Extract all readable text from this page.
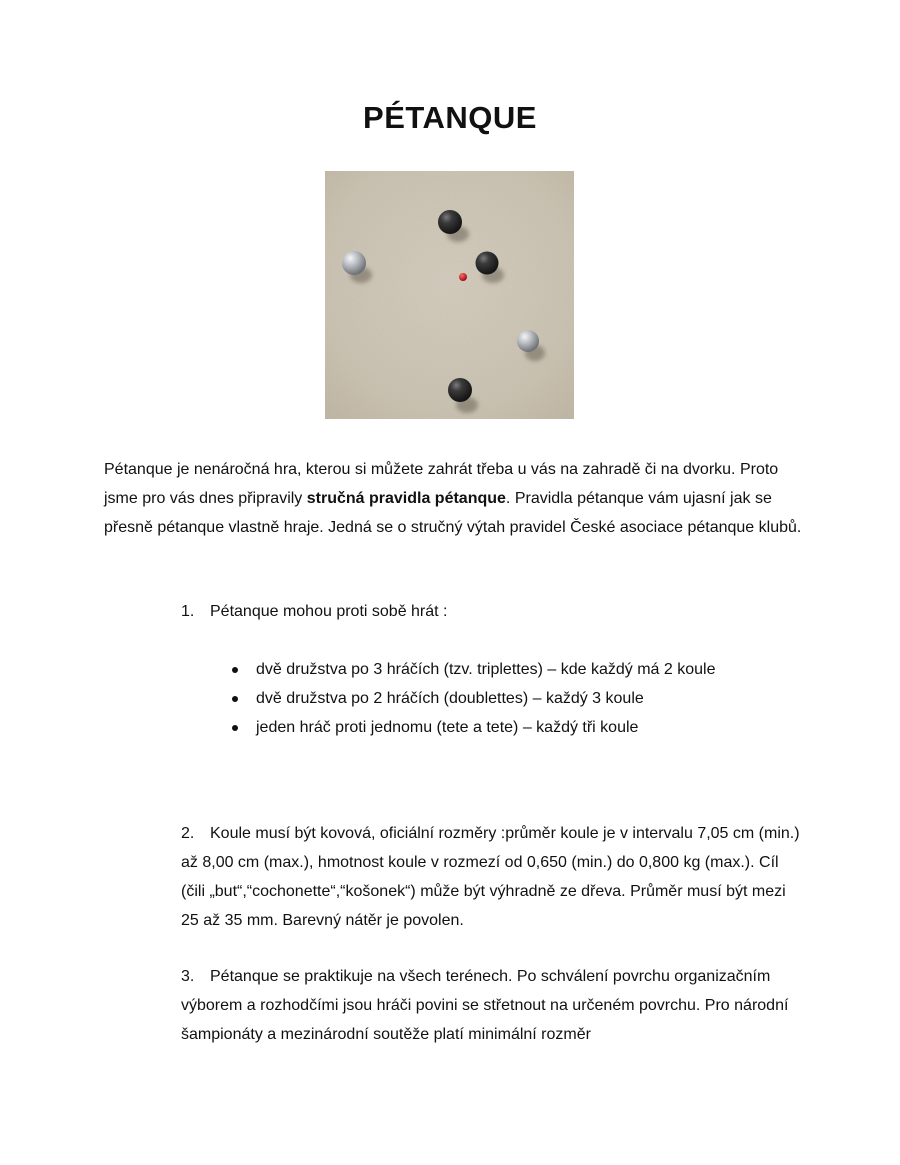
PÉTANQUE

Pétanque je nenáročná hra, kterou si můžete zahrát třeba u vás na zahradě či na dvorku. Proto jsme pro vás dnes připravily stručná pravidla pétanque. Pravidla pétanque vám ujasní jak se přesně pétanque vlastně hraje. Jedná se o stručný výtah pravidel České asociace pétanque klubů.

1. Pétanque mohou proti sobě hrát :

dvě družstva po 3 hráčích (tzv. triplettes) – kde každý má 2 koule
dvě družstva po 2 hráčích (doublettes) – každý 3 koule
jeden hráč proti jednomu (tete a tete) – každý tři koule

2. Koule musí být kovová, oficiální rozměry :průměr koule je v intervalu 7,05 cm (min.) až 8,00 cm (max.), hmotnost koule v rozmezí od 0,650 (min.) do 0,800 kg (max.). Cíl (čili „but“,“cochonette“,“košonek“) může být výhradně ze dřeva. Průměr musí být mezi 25 až 35 mm. Barevný nátěr je povolen.

3. Pétanque se praktikuje na všech terénech. Po schválení povrchu organizačním výborem a rozhodčími jsou hráči povini se střetnout na určeném povrchu. Pro národní šampionáty a mezinárodní soutěže platí minimální rozměr
